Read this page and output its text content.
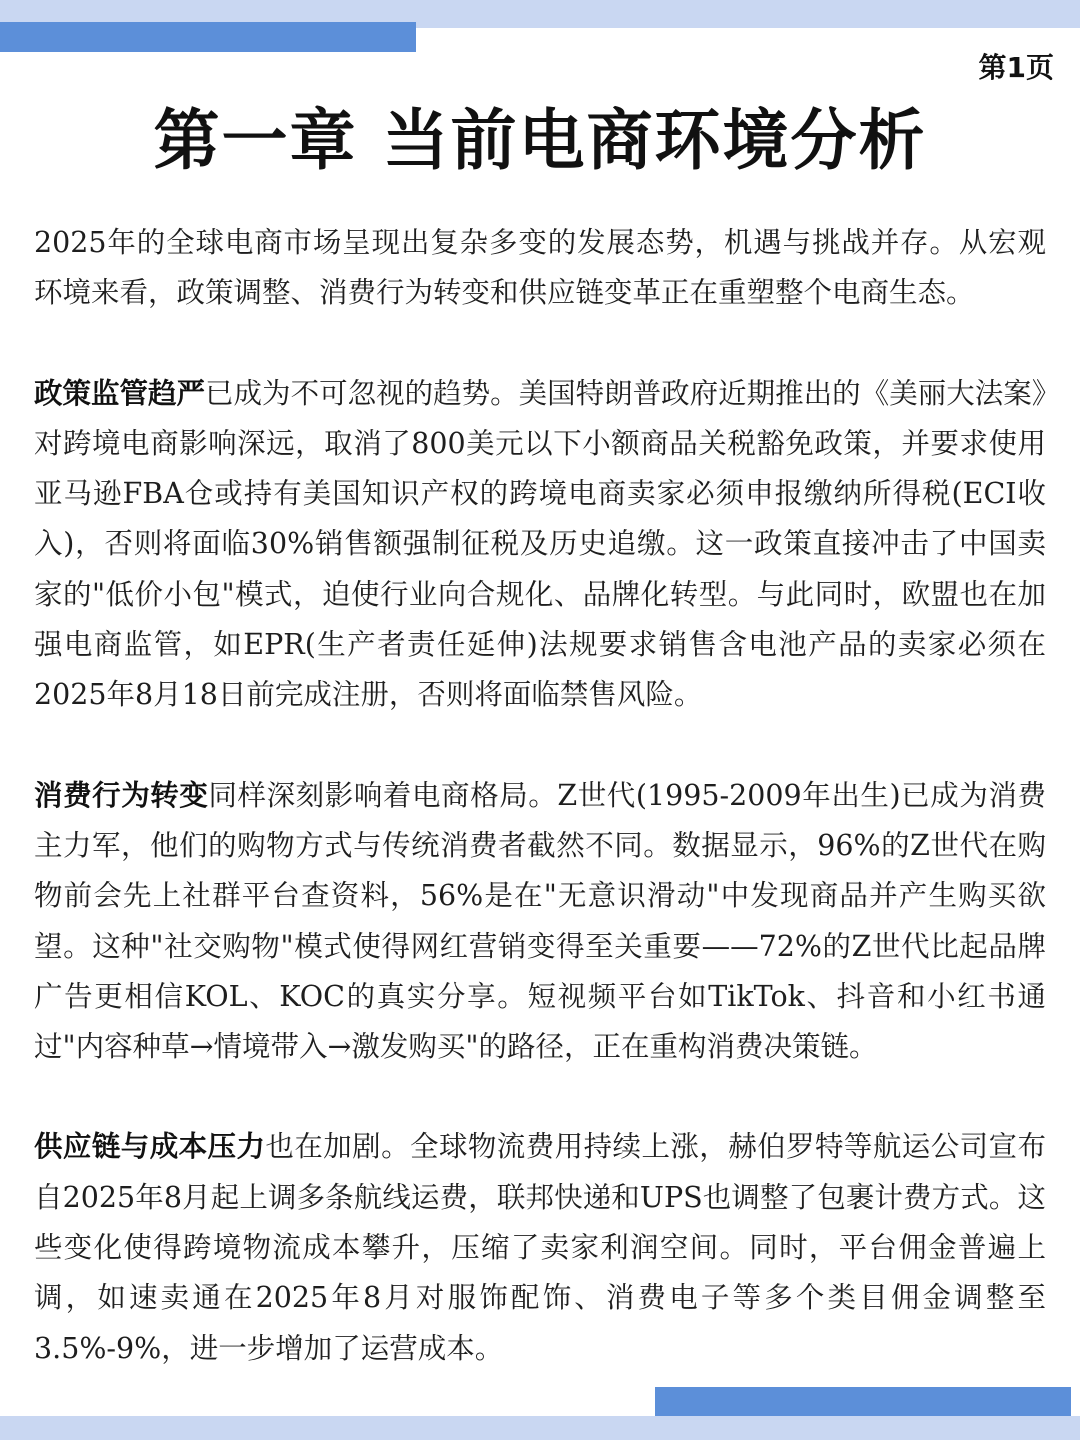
第1页
第一章 当前电商环境分析

2025年的全球电商市场呈现出复杂多变的发展态势，机遇与挑战并存。从宏观环境来看，政策调整、消费行为转变和供应链变革正在重塑整个电商生态。

政策监管趋严已成为不可忽视的趋势。美国特朗普政府近期推出的《美丽大法案》对跨境电商影响深远，取消了800美元以下小额商品关税豁免政策，并要求使用亚马逊FBA仓或持有美国知识产权的跨境电商卖家必须申报缴纳所得税(ECI收入)，否则将面临30%销售额强制征税及历史追缴。这一政策直接冲击了中国卖家的"低价小包"模式，迫使行业向合规化、品牌化转型。与此同时，欧盟也在加强电商监管，如EPR(生产者责任延伸)法规要求销售含电池产品的卖家必须在2025年8月18日前完成注册，否则将面临禁售风险。

消费行为转变同样深刻影响着电商格局。Z世代(1995-2009年出生)已成为消费主力军，他们的购物方式与传统消费者截然不同。数据显示，96%的Z世代在购物前会先上社群平台查资料，56%是在"无意识滑动"中发现商品并产生购买欲望。这种"社交购物"模式使得网红营销变得至关重要——72%的Z世代比起品牌广告更相信KOL、KOC的真实分享。短视频平台如TikTok、抖音和小红书通过"内容种草→情境带入→激发购买"的路径，正在重构消费决策链。

供应链与成本压力也在加剧。全球物流费用持续上涨，赫伯罗特等航运公司宣布自2025年8月起上调多条航线运费，联邦快递和UPS也调整了包裹计费方式。这些变化使得跨境物流成本攀升，压缩了卖家利润空间。同时，平台佣金普遍上调，如速卖通在2025年8月对服饰配饰、消费电子等多个类目佣金调整至3.5%-9%，进一步增加了运营成本。
